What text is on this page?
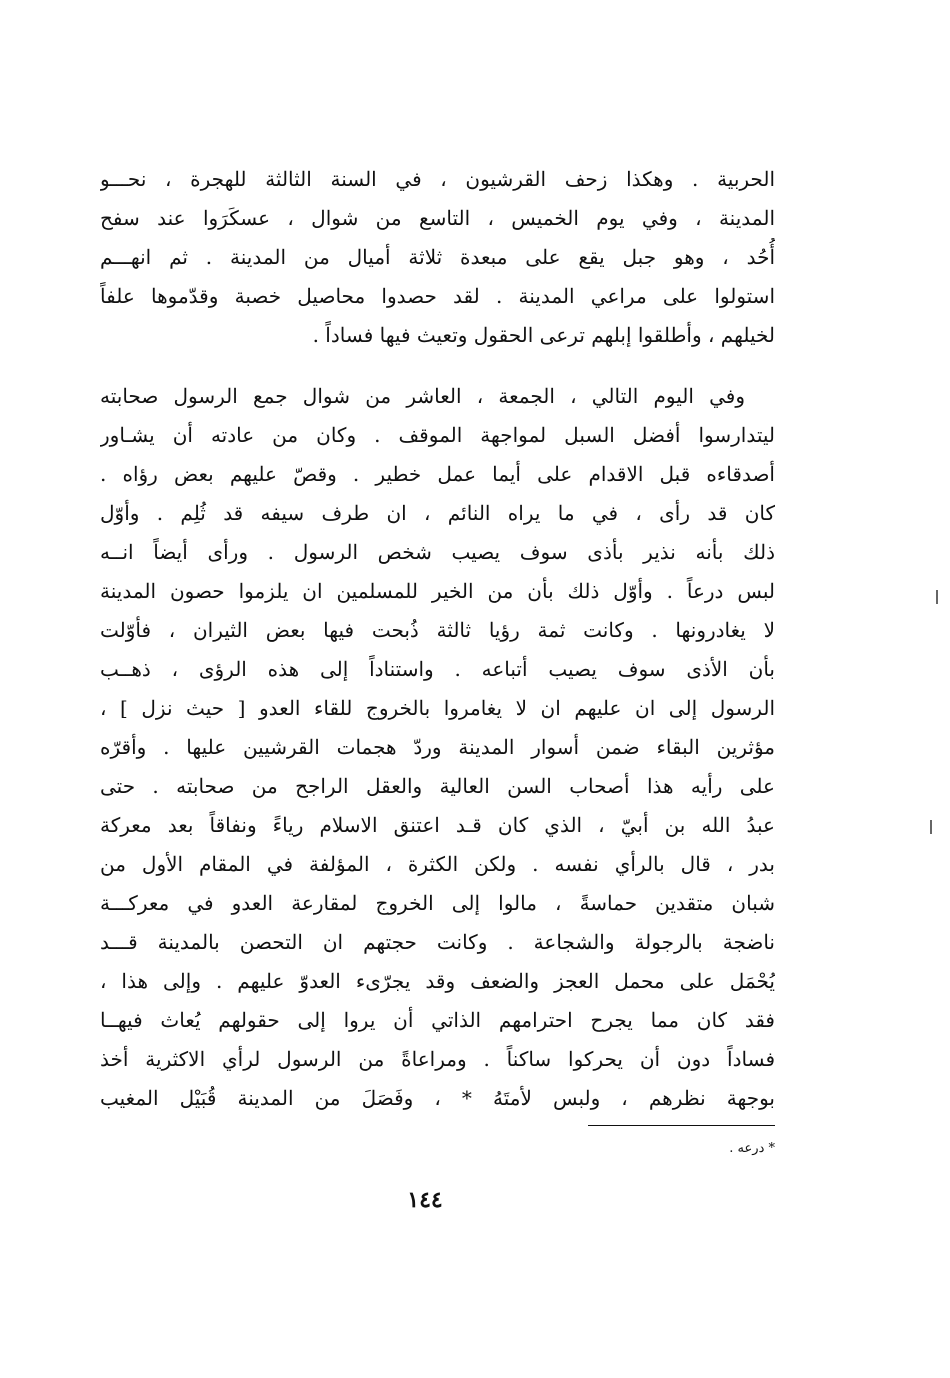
الحربية . وهكذا زحف القرشيون ، في السنة الثالثة للهجرة ، نحـــو
المدينة ، وفي يوم الخميس ، التاسع من شوال ، عسكَرَوا عند سفح
أُحُد ، وهو جبل يقع على مبعدة ثلاثة أميال من المدينة . ثم انهـــم
استولوا على مراعي المدينة . لقد حصدوا محاصيل خصبة وقدّموها علفاً
لخيلهم ، وأطلقوا إبلهم ترعى الحقول وتعيث فيها فساداً .
وفي اليوم التالي ، الجمعة ، العاشر من شوال جمع الرسول صحابته
ليتدارسوا أفضل السبل لمواجهة الموقف . وكان من عادته أن يشـاور
أصدقاءه قبل الاقدام على أيما عمل خطير . وقصّ عليهم بعض رؤاه .
كان قد رأى ، في ما يراه النائم ، ان طرف سيفه قد ثُلِم . وأوّل
ذلك بأنه نذير بأذى سوف يصيب شخص الرسول . ورأى أيضاً انــه
لبس درعاً . وأوّل ذلك بأن من الخير للمسلمين ان يلزموا حصون المدينة
لا يغادرونها . وكانت ثمة رؤيا ثالثة ذُبحت فيها بعض الثيران ، فأوّلت
بأن الأذى سوف يصيب أتباعه . واستناداً إلى هذه الرؤى ، ذهــب
الرسول إلى ان عليهم ان لا يغامروا بالخروج للقاء العدو [ حيث نزل ] ،
مؤثرين البقاء ضمن أسوار المدينة وردّ هجمات القرشيين عليها . وأقرّه
على رأيه هذا أصحاب السن العالية والعقل الراجح من صحابته . حتى
عبدُ الله بن أبيّ ، الذي كان قـد اعتنق الاسلام رياءً ونفاقاً بعد معركة
بدر ، قال بالرأي نفسه . ولكن الكثرة ، المؤلفة في المقام الأول من
شبان متقدين حماسةً ، مالوا إلى الخروج لمقارعة العدو في معركـــة
ناضجة بالرجولة والشجاعة . وكانت حجتهم ان التحصن بالمدينة قـــد
يُحْمَل على محمل العجز والضعف وقد يجرّىء العدوّ عليهم . وإلى هذا ،
فقد كان مما يجرح احترامهم الذاتي أن يروا إلى حقولهم يُعاث فيهــا
فساداً دون أن يحركوا ساكناً . ومراعاةً من الرسول لرأي الاكثرية أخذ
بوجهة نظرهم ، ولبس لأمتَهُ * ، وفَصَلَ من المدينة قُبَيْل المغيب
* درعه .
١٤٤
